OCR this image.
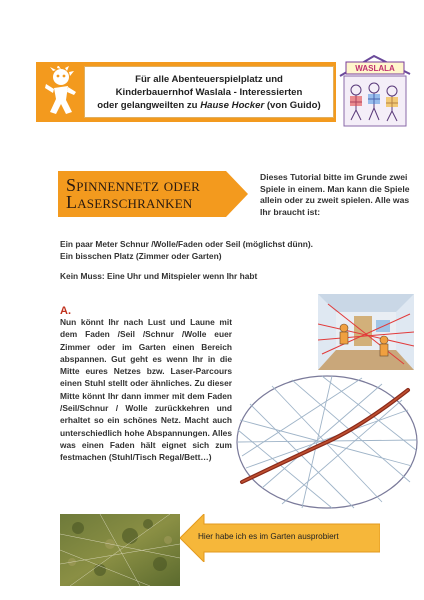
Für alle Abenteuerspielplatz und
Kinderbauernhof Waslala - Interessierten
oder gelangweilten zu Hause Hocker (von Guido)
WASLALA
Spinnennetz oder
Laserschranken
Dieses Tutorial bitte im Grunde zwei Spiele in einem. Man kann die Spiele allein oder zu zweit spielen. Alle was Ihr braucht ist:
Ein paar Meter Schnur /Wolle/Faden oder Seil (möglichst dünn).
Ein bisschen Platz (Zimmer oder Garten)
Kein Muss: Eine Uhr und Mitspieler wenn Ihr habt
A.
Nun könnt Ihr nach Lust und Laune mit dem Faden /Seil /Schnur /Wolle euer Zimmer oder im Garten einen Bereich abspannen. Gut geht es wenn Ihr in die Mitte eures Netzes bzw. Laser-Parcours einen Stuhl stellt oder ähnliches. Zu dieser Mitte könnt Ihr dann immer mit dem Faden /Seil/Schnur / Wolle zurückkehren und erhaltet so ein schönes Netz. Macht auch unterschiedlich hohe Abspannungen. Alles was einen Faden hält eignet sich zum festmachen (Stuhl/Tisch Regal/Bett…)
Hier habe ich es im Garten ausprobiert
